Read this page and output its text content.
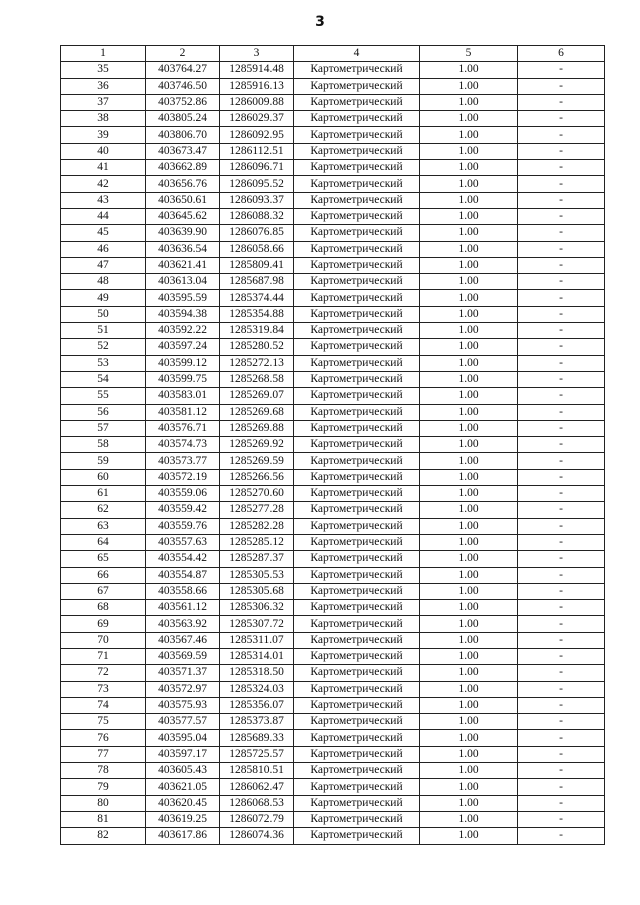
3
1	2	3	4	5	6
35	403764.27	1285914.48	Картометрический	1.00	-
36	403746.50	1285916.13	Картометрический	1.00	-
37	403752.86	1286009.88	Картометрический	1.00	-
38	403805.24	1286029.37	Картометрический	1.00	-
39	403806.70	1286092.95	Картометрический	1.00	-
40	403673.47	1286112.51	Картометрический	1.00	-
41	403662.89	1286096.71	Картометрический	1.00	-
42	403656.76	1286095.52	Картометрический	1.00	-
43	403650.61	1286093.37	Картометрический	1.00	-
44	403645.62	1286088.32	Картометрический	1.00	-
45	403639.90	1286076.85	Картометрический	1.00	-
46	403636.54	1286058.66	Картометрический	1.00	-
47	403621.41	1285809.41	Картометрический	1.00	-
48	403613.04	1285687.98	Картометрический	1.00	-
49	403595.59	1285374.44	Картометрический	1.00	-
50	403594.38	1285354.88	Картометрический	1.00	-
51	403592.22	1285319.84	Картометрический	1.00	-
52	403597.24	1285280.52	Картометрический	1.00	-
53	403599.12	1285272.13	Картометрический	1.00	-
54	403599.75	1285268.58	Картометрический	1.00	-
55	403583.01	1285269.07	Картометрический	1.00	-
56	403581.12	1285269.68	Картометрический	1.00	-
57	403576.71	1285269.88	Картометрический	1.00	-
58	403574.73	1285269.92	Картометрический	1.00	-
59	403573.77	1285269.59	Картометрический	1.00	-
60	403572.19	1285266.56	Картометрический	1.00	-
61	403559.06	1285270.60	Картометрический	1.00	-
62	403559.42	1285277.28	Картометрический	1.00	-
63	403559.76	1285282.28	Картометрический	1.00	-
64	403557.63	1285285.12	Картометрический	1.00	-
65	403554.42	1285287.37	Картометрический	1.00	-
66	403554.87	1285305.53	Картометрический	1.00	-
67	403558.66	1285305.68	Картометрический	1.00	-
68	403561.12	1285306.32	Картометрический	1.00	-
69	403563.92	1285307.72	Картометрический	1.00	-
70	403567.46	1285311.07	Картометрический	1.00	-
71	403569.59	1285314.01	Картометрический	1.00	-
72	403571.37	1285318.50	Картометрический	1.00	-
73	403572.97	1285324.03	Картометрический	1.00	-
74	403575.93	1285356.07	Картометрический	1.00	-
75	403577.57	1285373.87	Картометрический	1.00	-
76	403595.04	1285689.33	Картометрический	1.00	-
77	403597.17	1285725.57	Картометрический	1.00	-
78	403605.43	1285810.51	Картометрический	1.00	-
79	403621.05	1286062.47	Картометрический	1.00	-
80	403620.45	1286068.53	Картометрический	1.00	-
81	403619.25	1286072.79	Картометрический	1.00	-
82	403617.86	1286074.36	Картометрический	1.00	-
